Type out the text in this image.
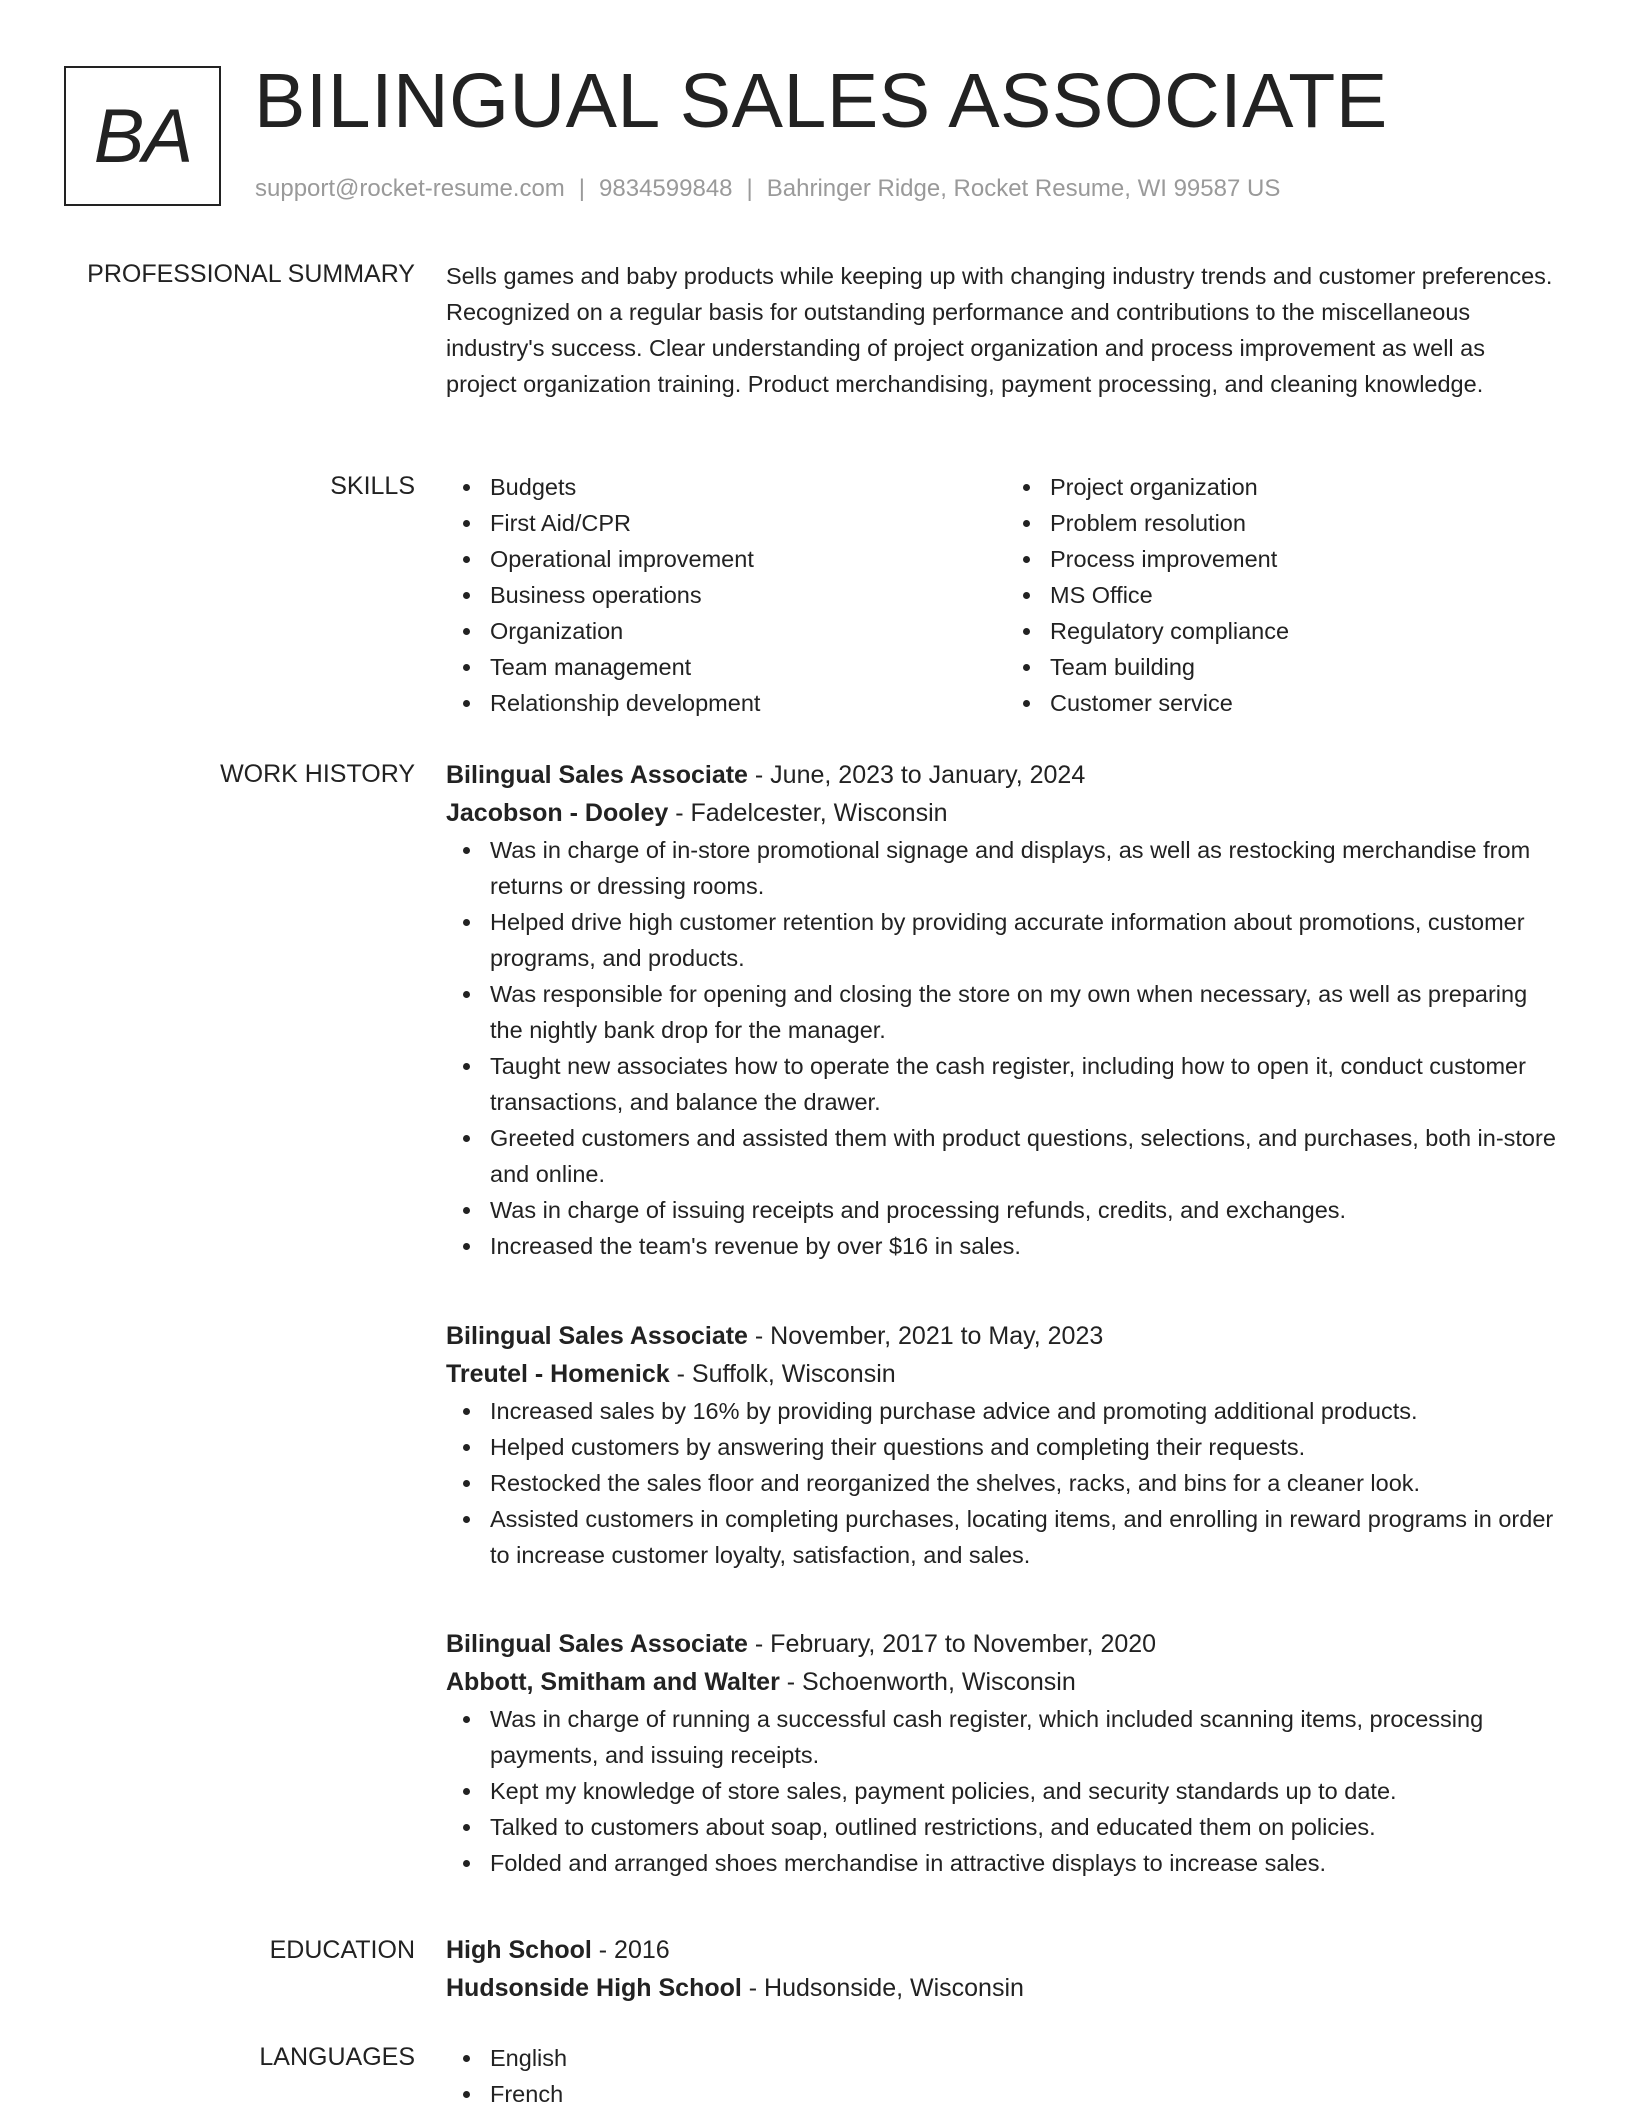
BA BILINGUAL SALES ASSOCIATE
support@rocket-resume.com | 9834599848 | Bahringer Ridge, Rocket Resume, WI 99587 US
PROFESSIONAL SUMMARY Sells games and baby products while keeping up with changing industry trends and customer preferences. Recognized on a regular basis for outstanding performance and contributions to the miscellaneous industry's success. Clear understanding of project organization and process improvement as well as project organization training. Product merchandising, payment processing, and cleaning knowledge.
SKILLS	Budgets
First Aid/CPR
Operational improvement
Business operations
Organization
Team management
Relationship development
Project organization
Problem resolution
Process improvement
MS Office
Regulatory compliance
Team building
Customer service
WORK HISTORY Bilingual Sales Associate - June, 2023 to January, 2024
Jacobson - Dooley - Fadelcester, Wisconsin
Was in charge of in-store promotional signage and displays, as well as restocking merchandise from returns or dressing rooms.
Helped drive high customer retention by providing accurate information about promotions, customer programs, and products.
Was responsible for opening and closing the store on my own when necessary, as well as preparing the nightly bank drop for the manager.
Taught new associates how to operate the cash register, including how to open it, conduct customer transactions, and balance the drawer.
Greeted customers and assisted them with product questions, selections, and purchases, both in-store and online.
Was in charge of issuing receipts and processing refunds, credits, and exchanges.
Increased the team's revenue by over $16 in sales.
Bilingual Sales Associate - November, 2021 to May, 2023
Treutel - Homenick - Suffolk, Wisconsin
Increased sales by 16% by providing purchase advice and promoting additional products.
Helped customers by answering their questions and completing their requests.
Restocked the sales floor and reorganized the shelves, racks, and bins for a cleaner look.
Assisted customers in completing purchases, locating items, and enrolling in reward programs in order to increase customer loyalty, satisfaction, and sales.
Bilingual Sales Associate - February, 2017 to November, 2020
Abbott, Smitham and Walter - Schoenworth, Wisconsin
Was in charge of running a successful cash register, which included scanning items, processing payments, and issuing receipts.
Kept my knowledge of store sales, payment policies, and security standards up to date.
Talked to customers about soap, outlined restrictions, and educated them on policies.
Folded and arranged shoes merchandise in attractive displays to increase sales.
EDUCATION High School - 2016
Hudsonside High School - Hudsonside, Wisconsin
LANGUAGES	English
French
